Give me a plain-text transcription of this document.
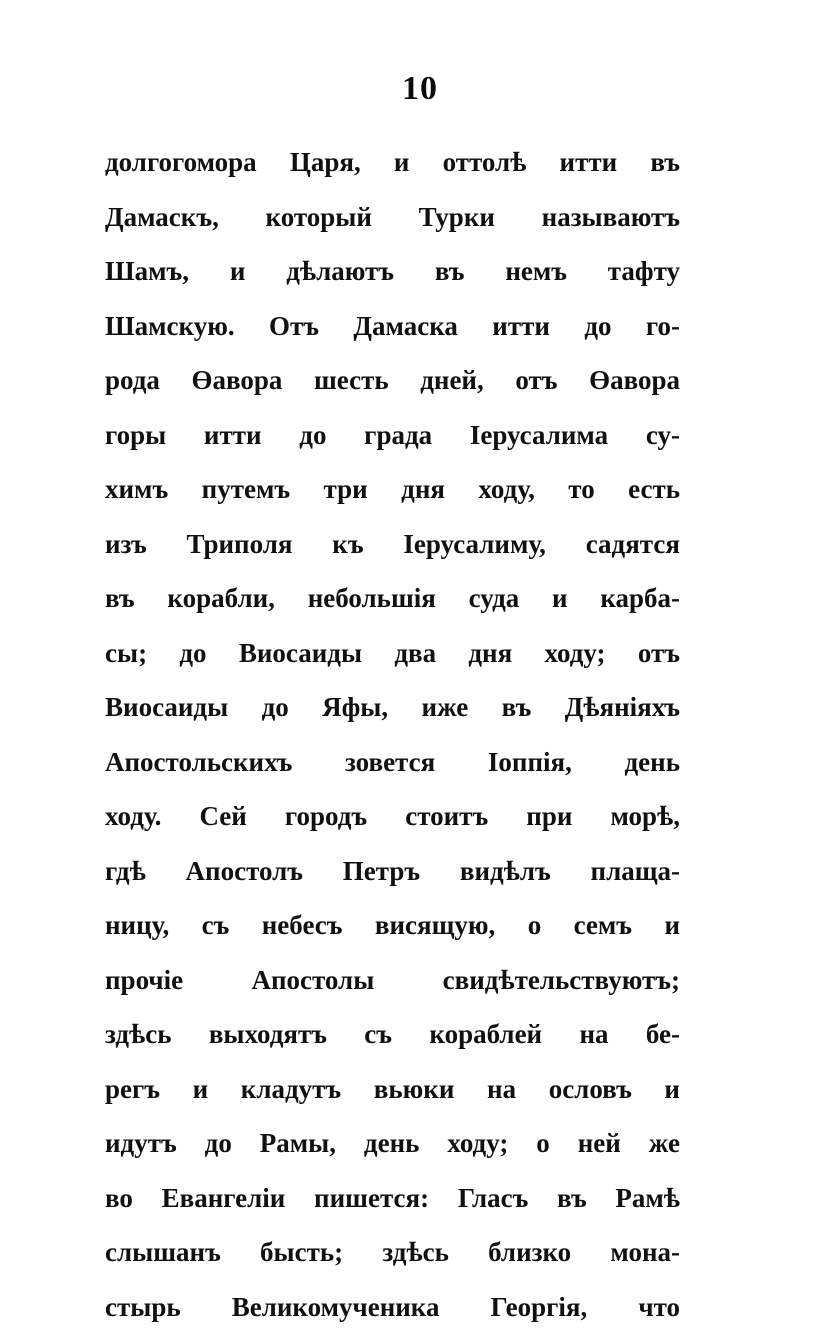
10
долгогомора Царя, и оттолѣ итти въ
Дамаскъ, который Турки называютъ
Шамъ, и дѣлаютъ въ немъ тафту
Шамскую. Отъ Дамаска итти до го-
рода Өавора шесть дней, отъ Өавора
горы итти до града Іерусалима су-
химъ путемъ три дня ходу, то есть
изъ Триполя къ Іерусалиму, садятся
въ корабли, небольшія суда и карба-
сы; до Виосаиды два дня ходу; отъ
Виосаиды до Яфы, иже въ Дѣяніяхъ
Апостольскихъ зовется Іоппія, день
ходу. Сей городъ стоитъ при морѣ,
гдѣ Апостолъ Петръ видѣлъ плаща-
ницу, съ небесъ висящую, о семъ и
прочіе Апостолы свидѣтельствуютъ;
здѣсь выходятъ съ кораблей на бе-
регъ и кладутъ вьюки на ословъ и
идутъ до Рамы, день ходу; о ней же
во Евангеліи пишется: Гласъ въ Рамѣ
слышанъ бысть; здѣсь близко мона-
стырь Великомученика Георгія, что
